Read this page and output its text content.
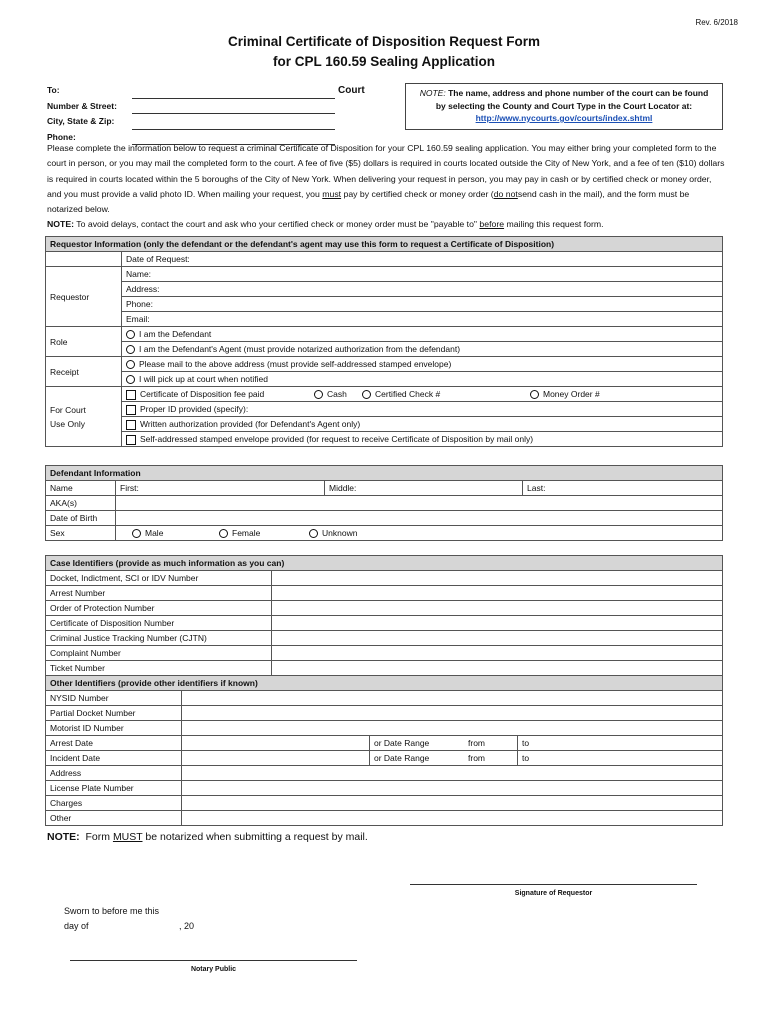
Rev. 6/2018
Criminal Certificate of Disposition Request Form
for CPL 160.59 Sealing Application
To:	Court
Number & Street:
City, State & Zip:
Phone:
NOTE: The name, address and phone number of the court can be found
by selecting the County and Court Type in the Court Locator at:
http://www.nycourts.gov/courts/index.shtml
Please complete the information below to request a criminal Certificate of Disposition for your CPL 160.59 sealing application. You may either bring your completed form to the court in person, or you may mail the completed form to the court. A fee of five ($5) dollars is required in courts located outside the City of New York, and a fee of ten ($10) dollars is required in courts located within the 5 boroughs of the City of New York. When delivering your request in person, you may pay in cash or by certified check or money order, and you must provide a valid photo ID. When mailing your request, you must pay by certified check or money order (do notsend cash in the mail), and the form must be notarized below.
NOTE: To avoid delays, contact the court and ask who your certified check or money order must be "payable to" before mailing this request form.
Requestor Information (only the defendant or the defendant's agent may use this form to request a Certificate of Disposition)	
	Date of Request:
Requestor	Name:
	Address:
	Phone:
	Email:
Role	I am the Defendant
	I am the Defendant's Agent (must provide notarized authorization from the defendant)
Receipt	Please mail to the above address (must provide self-addressed stamped envelope)
	I will pick up at court when notified
For Court
Use Only	Certificate of Disposition fee paid Cash Certified Check # Money Order #
	Proper ID provided (specify):
	Written authorization provided (for Defendant's Agent only)
	Self-addressed stamped envelope provided (for request to receive Certificate of Disposition by mail only)
Defendant Information			
Name	First:	Middle:	Last:
AKA(s)			
Date of Birth			
Sex	Male Female Unknown		
Case Identifiers (provide as much information as you can)				
Docket, Indictment, SCI or IDV Number				
Arrest Number				
Order of Protection Number				
Certificate of Disposition Number				
Criminal Justice Tracking Number (CJTN)				
Complaint Number				
Ticket Number				
Other Identifiers (provide other identifiers if known)				
NYSID Number				
Partial Docket Number				
Motorist ID Number				
Arrest Date			or Date Range from	to
Incident Date			or Date Range from	to
Address				
License Plate Number				
Charges				
Other				
NOTE: Form MUST be notarized when submitting a request by mail.
Signature of Requestor
Sworn to before me this
day of	, 20
Notary Public
